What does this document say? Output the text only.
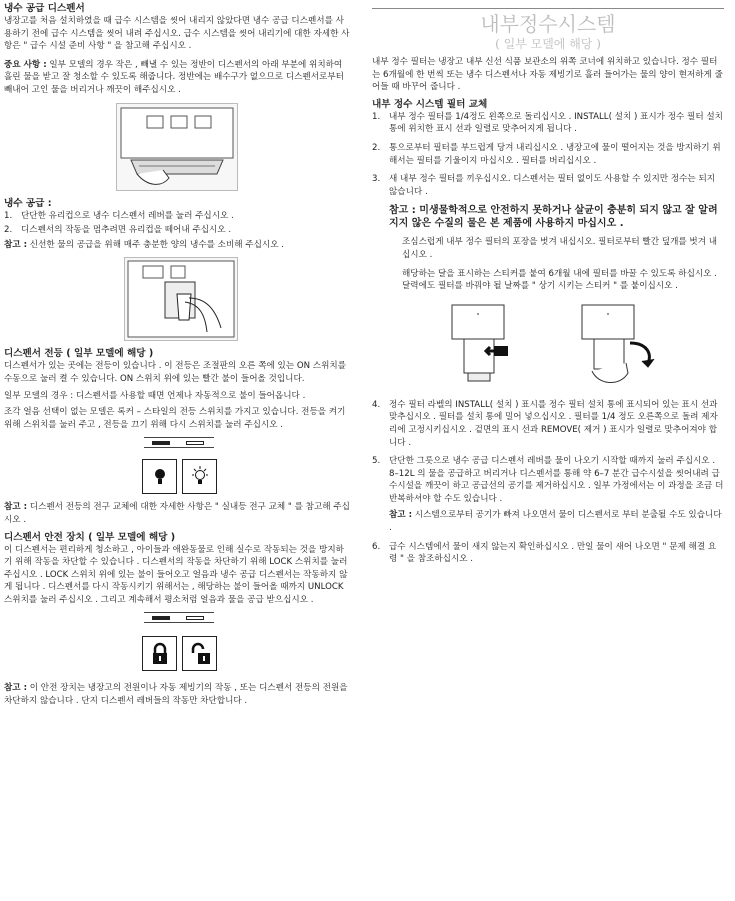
냉수 공급 디스펜서

냉장고를 처음 설치하였을 때 급수 시스템을 씻어 내리지 않았다면 냉수 공급 디스펜서를 사용하기 전에 급수 시스템을 씻어 내려 주십시오. 급수 시스템을 씻어 내리기에 대한 자세한 사항은 " 급수 시설 준비 사항 " 을 참고해 주십시오 .

중요 사항 : 일부 모델의 경우 작은 , 빼낼 수 있는 정반이 디스펜서의 아래 부분에 위치하여 흘린 물을 받고 잘 청소할 수 있도록 해줍니다. 정반에는 배수구가 없으므로 디스펜서로부터 빼내어 고인 물을 버리거나 깨끗이 해주십시오 .

냉수 공급 :

1. 단단한 유리컵으로 냉수 디스펜서 레버를 눌러 주십시오 .
2. 디스펜서의 작동을 멈추려면 유리컵을 떼어내 주십시오 .

참고 : 신선한 물의 공급을 위해 매주 충분한 양의 냉수를 소비해 주십시오 .

디스펜서 전등 ( 일부 모델에 해당 )

디스펜서가 있는 곳에는 전등이 있습니다 . 이 전등은 조절판의 오른 쪽에 있는 ON 스위치를 수동으로 눌러 켤 수 있습니다. ON 스위치 위에 있는 빨간 불이 들어올 것입니다.

일부 모델의 경우 : 디스펜서를 사용할 때면 언제나 자동적으로 불이 들어옵니다 .

조각 얼음 선택이 없는 모델은 록커 – 스타일의 전등 스위치를 가지고 있습니다. 전등을 켜기 위해 스위치를 눌러 주고 , 전등을 끄기 위해 다시 스위치를 눌러 주십시오 .

참고 : 디스펜서 전등의 전구 교체에 대한 자세한 사항은 " 실내등 전구 교체 " 를 참고해 주십시오 .

디스펜서 안전 장치 ( 일부 모델에 해당 )

이 디스펜서는 편리하게 청소하고 , 아이들과 애완동물로 인해 실수로 작동되는 것을 방지하기 위해 작동을 차단할 수 있습니다 . 디스펜서의 작동을 차단하기 위해 LOCK 스위치를 눌러 주십시오 . LOCK 스위치 위에 있는 불이 들어오고 얼음과 냉수 공급 디스펜서는 작동하지 않게 됩니다 . 디스펜서를 다시 작동시키기 위해서는 , 해당하는 불이 들어올 때까지 UNLOCK 스위치를 눌러 주십시오 . 그리고 계속해서 평소처럼 얼음과 물을 공급 받으십시오 .

참고 : 이 안전 장치는 냉장고의 전원이나 자동 제빙기의 작동 , 또는 디스펜서 전등의 전원을 차단하지 않습니다 . 단지 디스펜서 레버들의 작동만 차단합니다 .

내부정수시스템
( 일부 모델에 해당 )

내부 정수 필터는 냉장고 내부 신선 식품 보관소의 위쪽 코너에 위치하고 있습니다. 정수 필터는 6개월에 한 번씩 또는 냉수 디스펜서나 자동 제빙기로 흘러 들어가는 물의 양이 현저하게 줄어들 때 바꾸어 줍니다 .

내부 정수 시스템 필터 교체

1. 내부 정수 필터를 1/4정도 왼쪽으로 돌리십시오 . INSTALL( 설치 ) 표시가 정수 필터 설치 통에 위치한 표시 선과 일렬로 맞추어지게 됩니다 .
2. 통으로부터 필터를 부드럽게 당겨 내리십시오 . 냉장고에 물이 떨어지는 것을 방지하기 위해서는 필터를 기울이지 마십시오 . 필터를 버리십시오 .
3. 새 내부 정수 필터를 끼우십시오. 디스펜서는 필터 없이도 사용할 수 있지만 정수는 되지 않습니다 .
참고 : 미생물학적으로 안전하지 못하거나 살균이 충분히 되지 않고 잘 알려지지 않은 수질의 물은 본 제품에 사용하지 마십시오 .

조심스럽게 내부 정수 필터의 포장을 벗겨 내십시오. 필터로부터 빨간 덮개를 벗겨 내십시오 .

해당하는 달을 표시하는 스티커를 붙여 6개월 내에 필터를 바꿀 수 있도록 하십시오 . 달력에도 필터를 바꿔야 될 날짜를 " 상기 시키는 스티커 " 를 붙이십시오 .

4. 정수 필터 라벨의 INSTALL( 설치 ) 표시를 정수 필터 설치 통에 표시되어 있는 표시 선과 맞추십시오 . 필터를 설치 통에 밀어 넣으십시오 . 필터를 1/4 정도 오른쪽으로 돌려 제자리에 고정시키십시오 . 겉면의 표시 선과 REMOVE( 제거 ) 표시가 일렬로 맞추어져야 합니다 .
5. 단단한 그릇으로 냉수 공급 디스펜서 레버를 물이 나오기 시작할 때까지 눌러 주십시오 . 8–12L 의 물을 공급하고 버리거나 디스펜서를 통해 약 6–7 분간 급수시설을 씻어내려 급수시설을 깨끗이 하고 공급선의 공기를 제거하십시오 . 일부 가정에서는 이 과정을 조금 더 반복하셔야 할 수도 있습니다 .
참고 : 시스템으로부터 공기가 빠져 나오면서 물이 디스펜서로 부터 분출될 수도 있습니다 .
6. 급수 시스템에서 물이 새지 않는지 확인하십시오 . 만일 물이 새어 나오면 " 문제 해결 요령 " 을 참조하십시오 .
